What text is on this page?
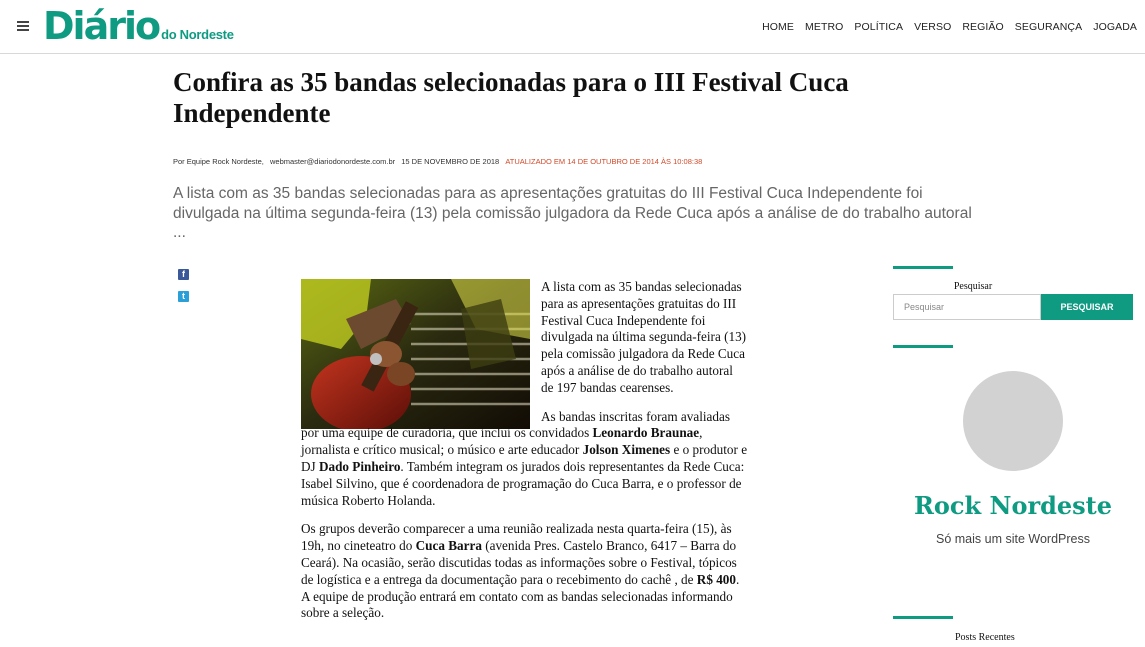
Diário do Nordeste	HOME METRO POLÍTICA VERSO REGIÃO SEGURANÇA JOGADA
Confira as 35 bandas selecionadas para o III Festival Cuca Independente
Por Equipe Rock Nordeste, webmaster@diariodonordeste.com.br 15 DE NOVEMBRO DE 2018 ATUALIZADO EM 14 DE OUTUBRO DE 2014 ÀS 10:08:38

A lista com as 35 bandas selecionadas para as apresentações gratuitas do III Festival Cuca Independente foi divulgada na última segunda-feira (13) pela comissão julgadora da Rede Cuca após a análise de do trabalho autoral ...

f
t

A lista com as 35 bandas selecionadas para as apresentações gratuitas do III Festival Cuca Independente foi divulgada na última segunda-feira (13) pela comissão julgadora da Rede Cuca após a análise de do trabalho autoral de 197 bandas cearenses.

As bandas inscritas foram avaliadas por uma equipe de curadoria, que inclui os convidados Leonardo Braunae, jornalista e crítico musical; o músico e arte educador Jolson Ximenes e o produtor e DJ Dado Pinheiro. Também integram os jurados dois representantes da Rede Cuca: Isabel Silvino, que é coordenadora de programação do Cuca Barra, e o professor de música Roberto Holanda.

Os grupos deverão comparecer a uma reunião realizada nesta quarta-feira (15), às 19h, no cineteatro do Cuca Barra (avenida Pres. Castelo Branco, 6417 – Barra do Ceará). Na ocasião, serão discutidas todas as informações sobre o Festival, tópicos de logística e a entrega da documentação para o recebimento do cachê , de R$ 400. A equipe de produção entrará em contato com as bandas selecionadas informando sobre a seleção.

Pesquisar
Pesquisar
PESQUISAR
Rock Nordeste
Só mais um site WordPress
Posts Recentes
